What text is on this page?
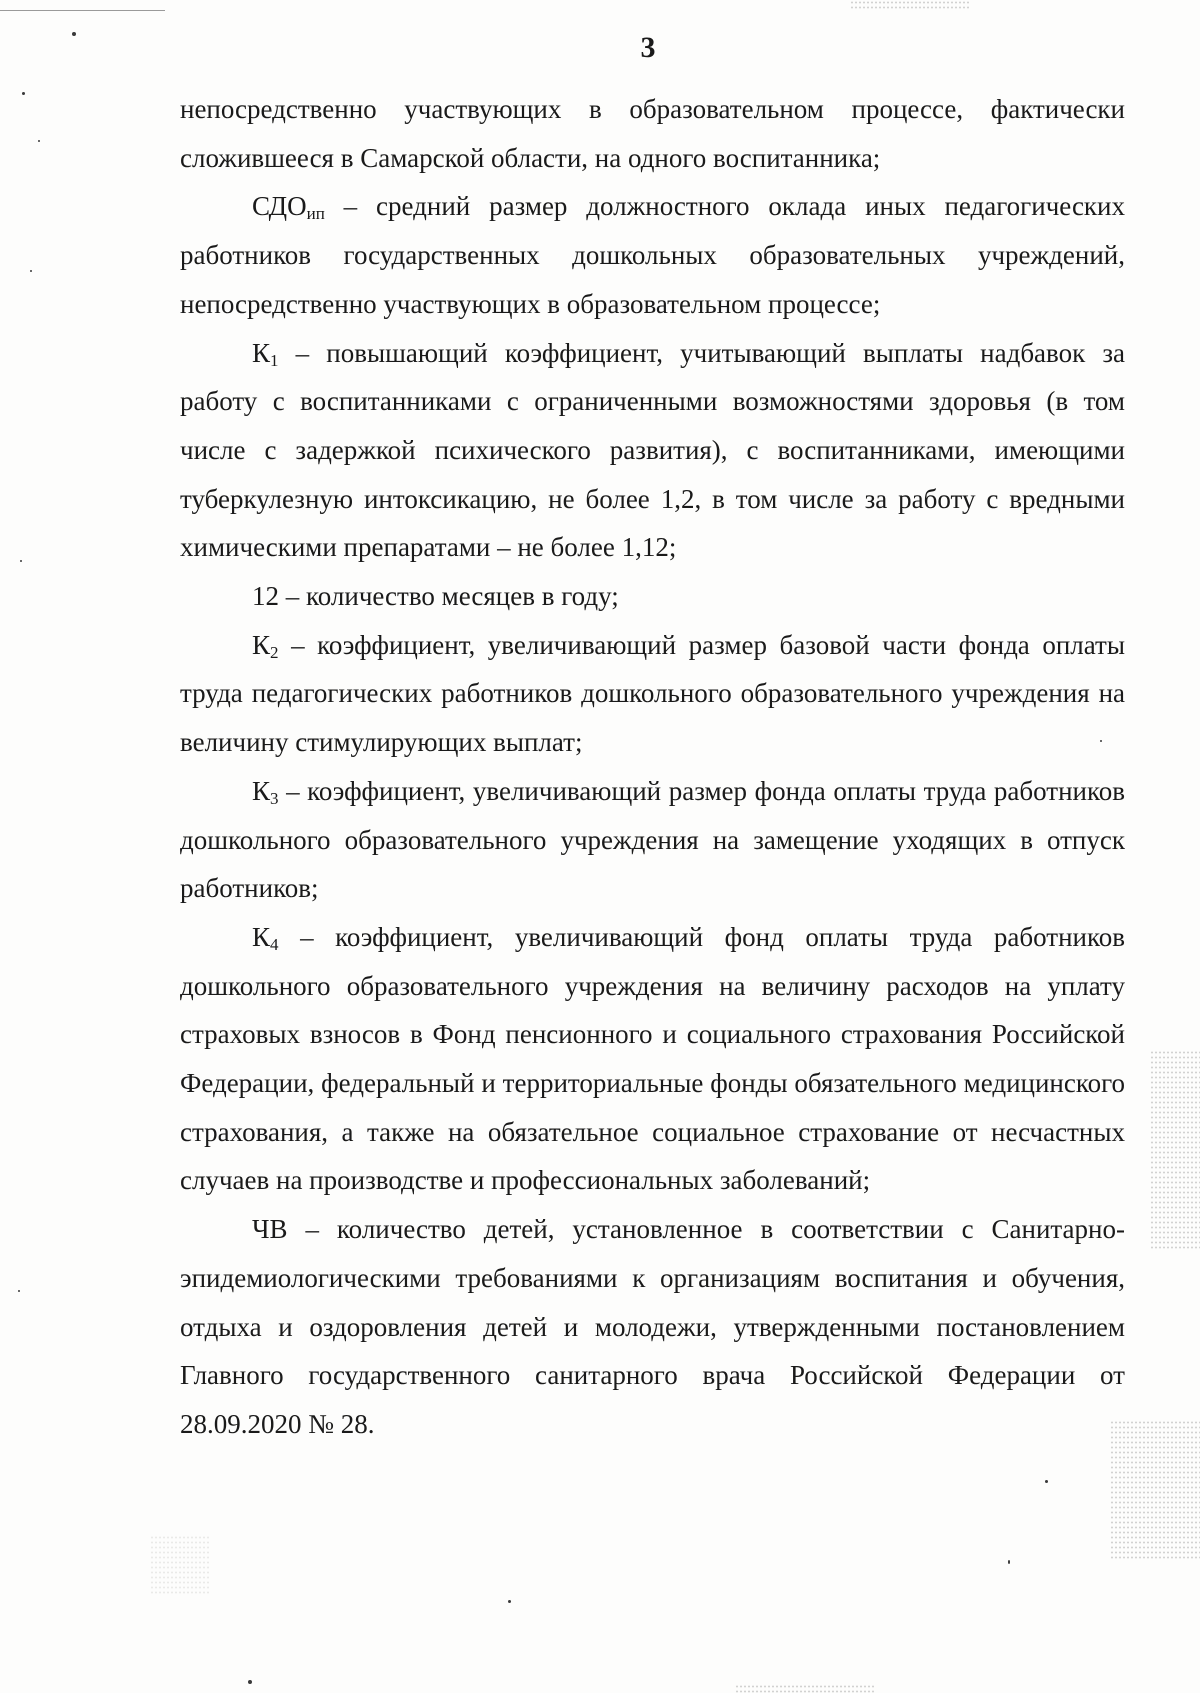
3

непосредственно участвующих в образовательном процессе, фактически сложившееся в Самарской области, на одного воспитанника;

$СДО_{ип}$ – средний размер должностного оклада иных педагогических работников государственных дошкольных образовательных учреждений, непосредственно участвующих в образовательном процессе;

$К_1$ – повышающий коэффициент, учитывающий выплаты надбавок за работу с воспитанниками с ограниченными возможностями здоровья (в том числе с задержкой психического развития), с воспитанниками, имеющими туберкулезную интоксикацию, не более 1,2, в том числе за работу с вредными химическими препаратами – не более 1,12;

12 – количество месяцев в году;

$К_2$ – коэффициент, увеличивающий размер базовой части фонда оплаты труда педагогических работников дошкольного образовательного учреждения на величину стимулирующих выплат;

$К_3$ – коэффициент, увеличивающий размер фонда оплаты труда работников дошкольного образовательного учреждения на замещение уходящих в отпуск работников;

$К_4$ – коэффициент, увеличивающий фонд оплаты труда работников дошкольного образовательного учреждения на величину расходов на уплату страховых взносов в Фонд пенсионного и социального страхования Российской Федерации, федеральный и территориальные фонды обязательного медицинского страхования, а также на обязательное социальное страхование от несчастных случаев на производстве и профессиональных заболеваний;

ЧВ – количество детей, установленное в соответствии с Санитарно-эпидемиологическими требованиями к организациям воспитания и обучения, отдыха и оздоровления детей и молодежи, утвержденными постановлением Главного государственного санитарного врача Российской Федерации от 28.09.2020 № 28.
